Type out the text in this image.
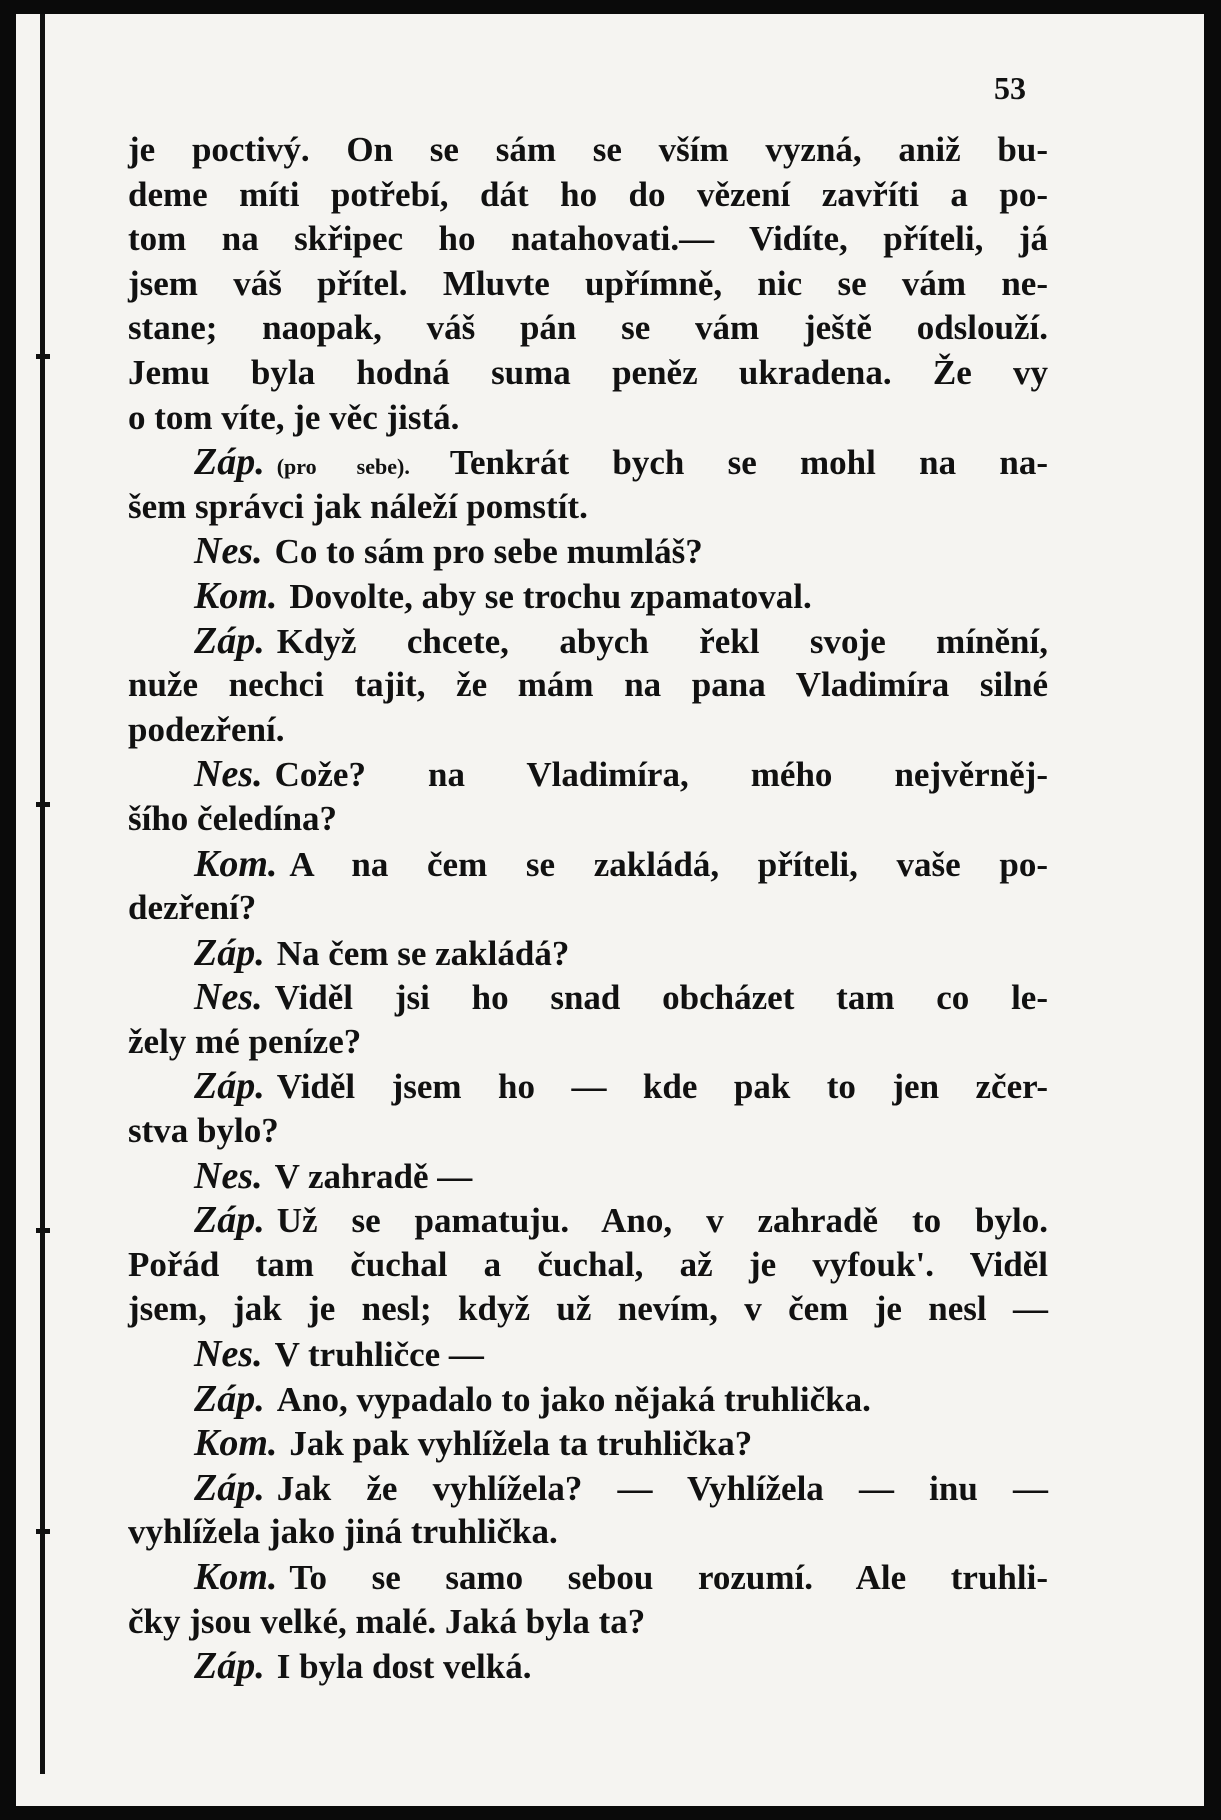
53
je poctivý. On se sám se vším vyzná, aniž bu-
deme míti potřebí, dát ho do vězení zavříti a po-
tom na skřipec ho natahovati.— Vidíte, příteli, já
jsem váš přítel. Mluvte upřímně, nic se vám ne-
stane; naopak, váš pán se vám ještě odslouží.
Jemu byla hodná suma peněz ukradena. Že vy
o tom víte, je věc jistá.
Záp. (pro sebe). Tenkrát bych se mohl na na-
šem správci jak náleží pomstít.
Nes. Co to sám pro sebe mumláš?
Kom. Dovolte, aby se trochu zpamatoval.
Záp. Když chcete, abych řekl svoje mínění,
nuže nechci tajit, že mám na pana Vladimíra silné
podezření.
Nes. Cože? na Vladimíra, mého nejvěrněj-
šího čeledína?
Kom. A na čem se zakládá, příteli, vaše po-
dezření?
Záp. Na čem se zakládá?
Nes. Viděl jsi ho snad obcházet tam co le-
žely mé peníze?
Záp. Viděl jsem ho — kde pak to jen zčer-
stva bylo?
Nes. V zahradě —
Záp. Už se pamatuju. Ano, v zahradě to bylo.
Pořád tam čuchal a čuchal, až je vyfouk'. Viděl
jsem, jak je nesl; když už nevím, v čem je nesl —
Nes. V truhličce —
Záp. Ano, vypadalo to jako nějaká truhlička.
Kom. Jak pak vyhlížela ta truhlička?
Záp. Jak že vyhlížela? — Vyhlížela — inu —
vyhlížela jako jiná truhlička.
Kom. To se samo sebou rozumí. Ale truhli-
čky jsou velké, malé. Jaká byla ta?
Záp. I byla dost velká.
